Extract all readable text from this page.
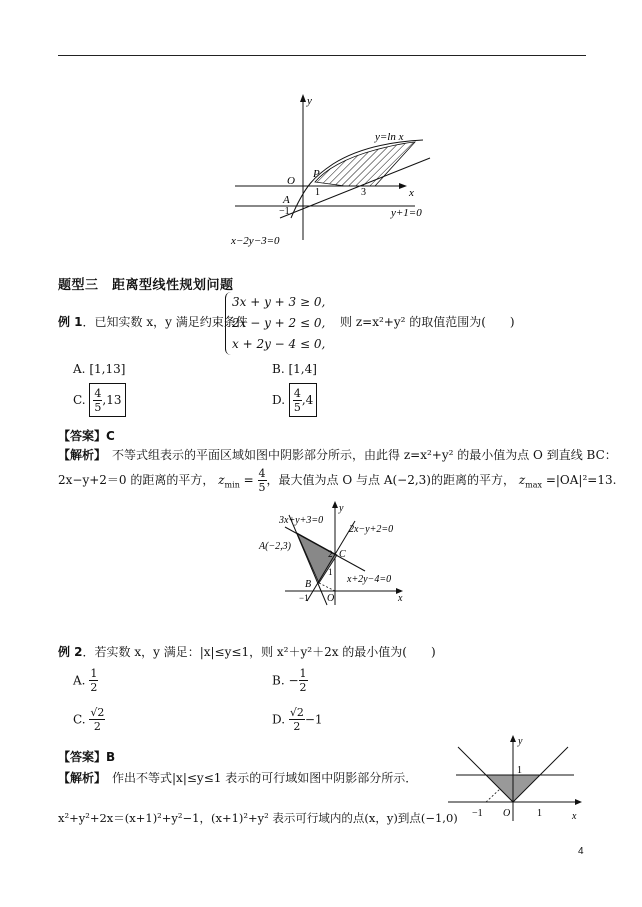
y
x
y=ln x
O
P
A
1	3
−1	y+1=0
x−2y−3=0
题型三　距离型线性规划问题
例 1．已知实数 x，y 满足约束条件
3x + y + 3 ≥ 0,
2x − y + 2 ≤ 0,
x + 2y − 4 ≤ 0,
则 z=x²+y² 的取值范围为(　　)
A. [1,13]	B. [1,4]
C. $\frac{4}{5} ,13$	D. $\frac{4}{5} ,4$
【答案】C
【解析】　不等式组表示的平面区域如图中阴影部分所示，由此得 z=x²+y² 的最小值为点 O 到直线 BC：
2x−y+2＝0 的距离的平方， $z_{min} = \frac{4}{5}$ ，最大值为点 O 与点 A(−2,3)的距离的平方， $z_{max} =|OA|^2=13$.
y
x
3x+y+3=0
2x−y+2=0
x+2y−4=0
A(−2,3)
C
B
O
2
1
−1
例 2．若实数 x，y 满足：|x|≤y≤1，则 x²＋y²＋2x 的最小值为(　　)
A. $\frac{1}{2}$	B. − $\frac{1}{2}$
C. $\frac{√2}{2}$	D. $\frac{√2}{2} -1$
【答案】B
【解析】　作出不等式|x|≤y≤1 表示的可行域如图中阴影部分所示．
x²+y²+2x＝(x+1)²+y²−1，(x+1)²+y² 表示可行域内的点(x，y)到点(−1,0)
y
x
1
−1 O	1
4
